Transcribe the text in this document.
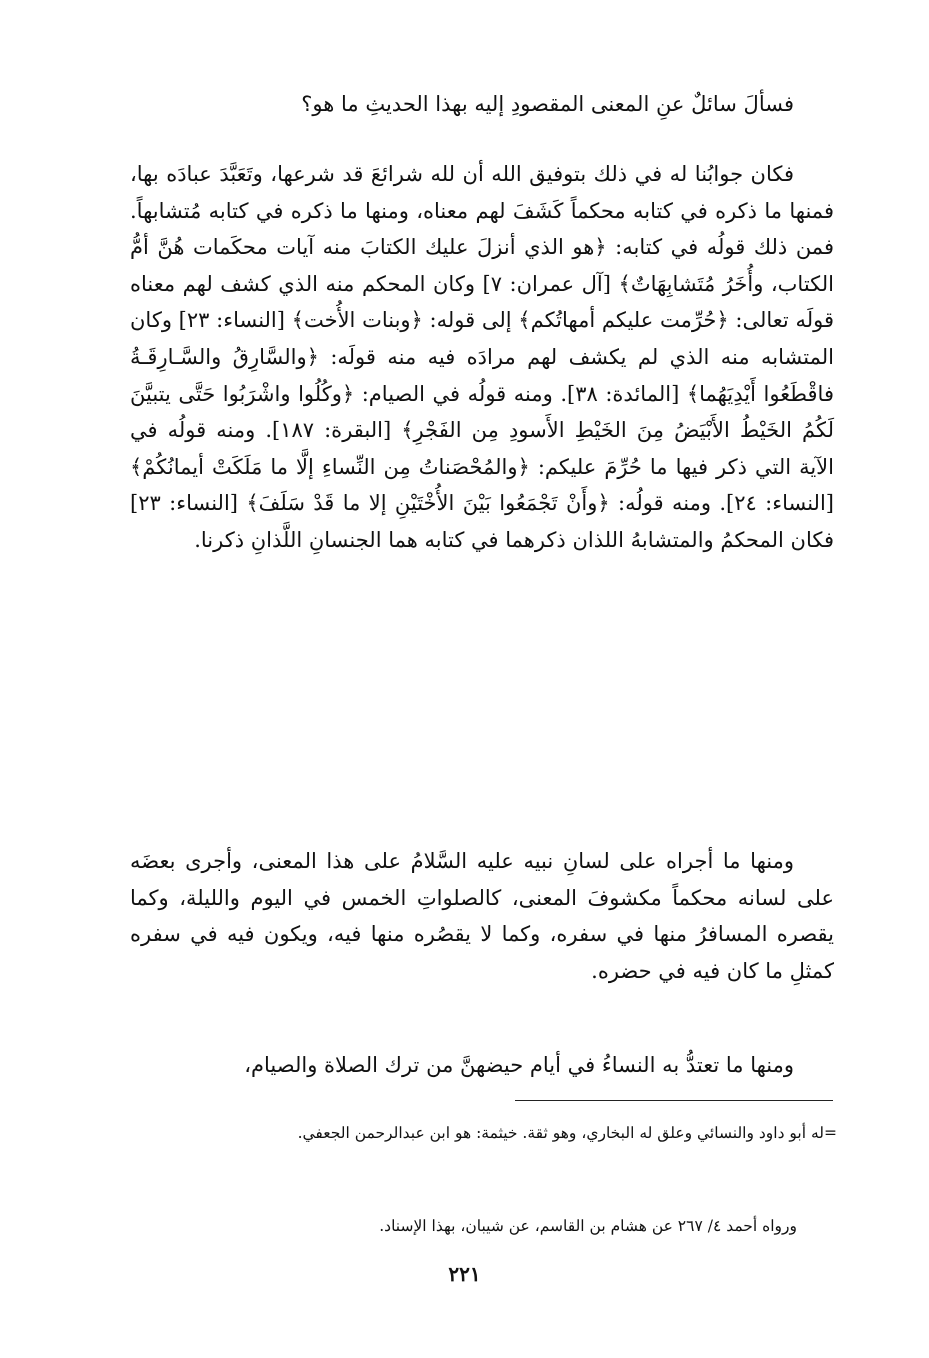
فسألَ سائلٌ عنِ المعنى المقصودِ إليه بهذا الحديثِ ما هو؟

فكان جوابُنا له في ذلك بتوفيق الله أن لله شرائعَ قد شرعها، وتَعَبَّدَ عبادَه بها، فمنها ما ذكره في كتابه محكماً كَشَفَ لهم معناه، ومنها ما ذكره في كتابه مُتشابهاً. فمن ذلك قولُه في كتابه: ﴿هو الذي أنزلَ عليك الكتابَ منه آيات محكَمات هُنَّ أمُّ الكتاب، وأُخَرُ مُتَشابِهَاتٌ﴾ [آل عمران: ٧] وكان المحكم منه الذي كشف لهم معناه قولَه تعالى: ﴿حُرِّمت عليكم أمهاتُكم﴾ إلى قوله: ﴿وبنات الأُخت﴾ [النساء: ٢٣] وكان المتشابه منه الذي لم يكشف لهم مرادَه فيه منه قولَه: ﴿والسَّارِقُ والسَّـارِقَـةُ فاقْطَعُوا أَيْدِيَهُما﴾ [المائدة: ٣٨]. ومنه قولُه في الصيام: ﴿وكُلُوا واشْرَبُوا حَتَّى يتبيَّنَ لَكُمُ الخَيْطُ الأَبْيَضُ مِنَ الخَيْطِ الأَسودِ مِن الفَجْرِ﴾ [البقرة: ١٨٧]. ومنه قولُه في الآية التي ذكر فيها ما حُرِّمَ عليكم: ﴿والمُحْصَناتُ مِن النِّساءِ إلَّا ما مَلَكَتْ أيمانُكُمْ﴾ [النساء: ٢٤]. ومنه قولُه: ﴿وأَنْ تَجْمَعُوا بَيْنَ الأُخْتَيْنِ إلا ما قَدْ سَلَفَ﴾ [النساء: ٢٣] فكان المحكمُ والمتشابهُ اللذان ذكرهما في كتابه هما الجنسانِ اللَّذانِ ذكرنا.

ومنها ما أجراه على لسانِ نبيه عليه السَّلامُ على هذا المعنى، وأجرى بعضَه على لسانه محكماً مكشوفَ المعنى، كالصلواتِ الخمس في اليوم والليلة، وكما يقصره المسافرُ منها في سفره، وكما لا يقصُره منها فيه، ويكون فيه في سفره كمثلِ ما كان فيه في حضره.

ومنها ما تعتدُّ به النساءُ في أيام حيضهنَّ من ترك الصلاة والصيام،

=له أبو داود والنسائي وعلق له البخاري، وهو ثقة. خيثمة: هو ابن عبدالرحمن الجعفي.

ورواه أحمد ٤/ ٢٦٧ عن هشام بن القاسم، عن شيبان، بهذا الإسناد.

٢٢١
